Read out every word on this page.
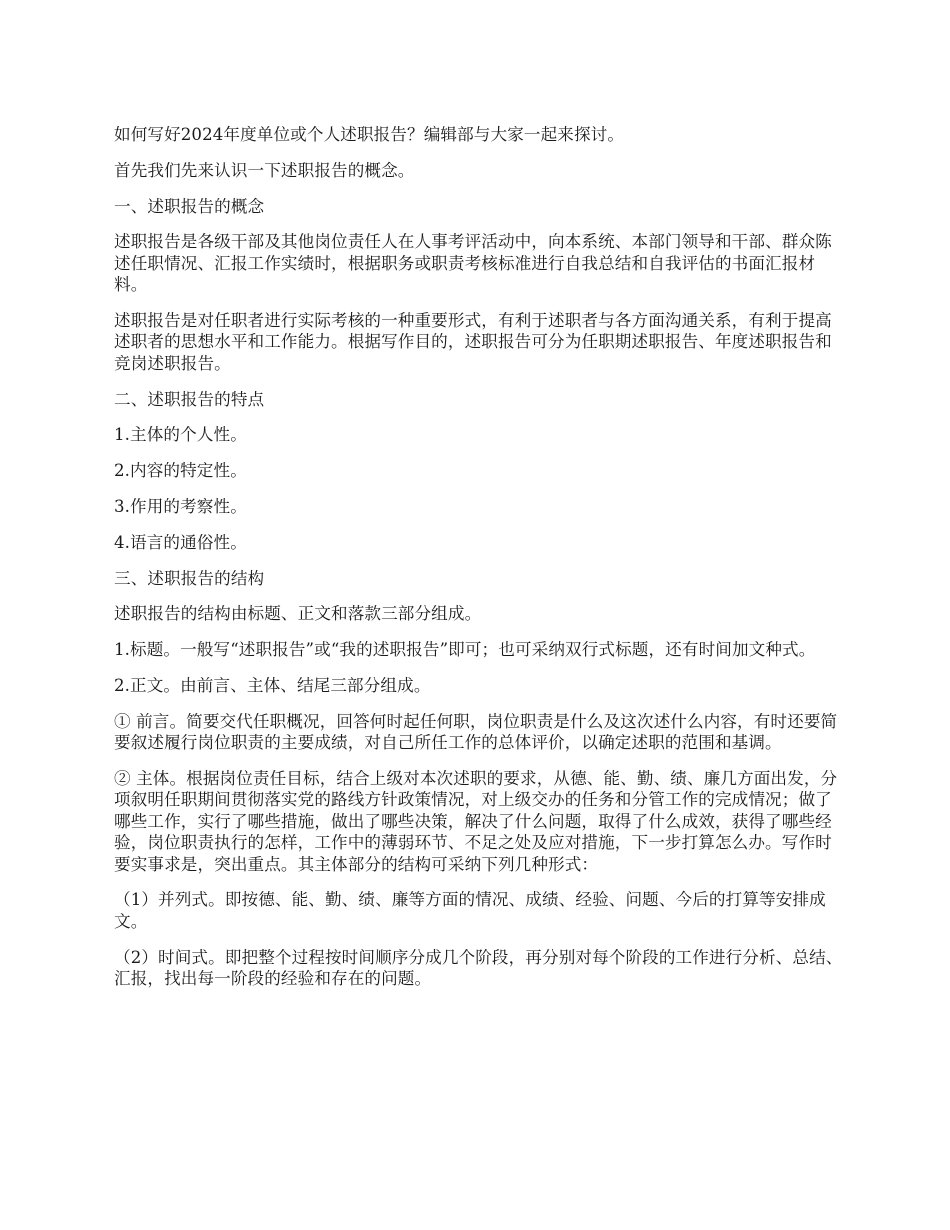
如何写好2024年度单位或个人述职报告？编辑部与大家一起来探讨。

首先我们先来认识一下述职报告的概念。

一、述职报告的概念

述职报告是各级干部及其他岗位责任人在人事考评活动中，向本系统、本部门领导和干部、群众陈述任职情况、汇报工作实绩时，根据职务或职责考核标准进行自我总结和自我评估的书面汇报材料。

述职报告是对任职者进行实际考核的一种重要形式，有利于述职者与各方面沟通关系，有利于提高述职者的思想水平和工作能力。根据写作目的，述职报告可分为任职期述职报告、年度述职报告和竞岗述职报告。

二、述职报告的特点

1.主体的个人性。

2.内容的特定性。

3.作用的考察性。

4.语言的通俗性。

三、述职报告的结构

述职报告的结构由标题、正文和落款三部分组成。

1.标题。一般写“述职报告”或“我的述职报告”即可；也可采纳双行式标题，还有时间加文种式。

2.正文。由前言、主体、结尾三部分组成。

① 前言。简要交代任职概况，回答何时起任何职，岗位职责是什么及这次述什么内容，有时还要简要叙述履行岗位职责的主要成绩，对自己所任工作的总体评价，以确定述职的范围和基调。

② 主体。根据岗位责任目标，结合上级对本次述职的要求，从德、能、勤、绩、廉几方面出发，分项叙明任职期间贯彻落实党的路线方针政策情况，对上级交办的任务和分管工作的完成情况；做了哪些工作，实行了哪些措施，做出了哪些决策，解决了什么问题，取得了什么成效，获得了哪些经验，岗位职责执行的怎样，工作中的薄弱环节、不足之处及应对措施，下一步打算怎么办。写作时要实事求是，突出重点。其主体部分的结构可采纳下列几种形式：

（1）并列式。即按德、能、勤、绩、廉等方面的情况、成绩、经验、问题、今后的打算等安排成文。

（2）时间式。即把整个过程按时间顺序分成几个阶段，再分别对每个阶段的工作进行分析、总结、汇报，找出每一阶段的经验和存在的问题。
